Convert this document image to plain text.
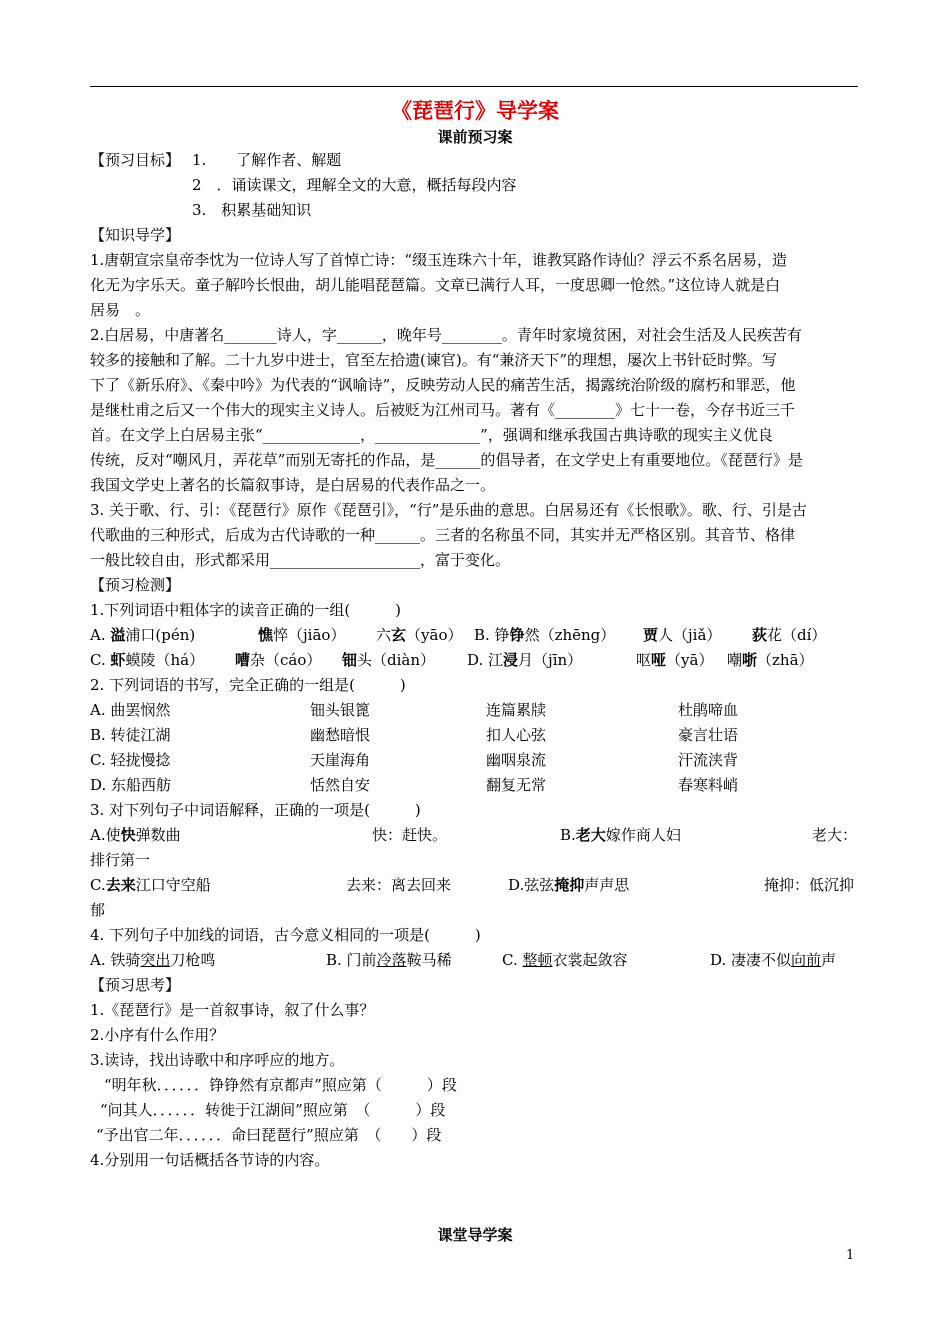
《琵琶行》导学案
课前预习案
【预习目标】 1.　　了解作者、解题
2　．诵读课文，理解全文的大意，概括每段内容
3.　积累基础知识
【知识导学】
1.唐朝宣宗皇帝李忱为一位诗人写了首悼亡诗：“缀玉连珠六十年，谁教冥路作诗仙？浮云不系名居易，造
化无为字乐天。童子解吟长恨曲，胡儿能唱琵琶篇。文章已满行人耳，一度思卿一怆然。”这位诗人就是白
居易　。
2.白居易，中唐著名_______诗人，字______，晚年号________。青年时家境贫困，对社会生活及人民疾苦有
较多的接触和了解。二十九岁中进士，官至左拾遗(谏官)。有“兼济天下”的理想，屡次上书针砭时弊。写
下了《新乐府》、《秦中吟》为代表的“讽喻诗”，反映劳动人民的痛苦生活，揭露统治阶级的腐朽和罪恶，他
是继杜甫之后又一个伟大的现实主义诗人。后被贬为江州司马。著有《________》七十一卷，今存书近三千
首。在文学上白居易主张“_____________，______________”，强调和继承我国古典诗歌的现实主义优良
传统，反对“嘲风月，弄花草”而别无寄托的作品，是______的倡导者，在文学史上有重要地位。《琵琶行》是
我国文学史上著名的长篇叙事诗，是白居易的代表作品之一。
3. 关于歌、行、引：《琵琶行》原作《琵琶引》，“行”是乐曲的意思。白居易还有《长恨歌》。歌、行、引是古
代歌曲的三种形式，后成为古代诗歌的一种______。三者的名称虽不同，其实并无严格区别。其音节、格律
一般比较自由，形式都采用____________________，富于变化。
【预习检测】
1.下列词语中粗体字的读音正确的一组(　　　)
A. 溢浦口(pén)	憔悴（jiāo） 六玄（yāo） B. 铮铮然（zhēng） 贾人（jiǎ） 荻花（dí）
C. 虾蟆陵（há） 嘈杂（cáo） 钿头（diàn） D. 江浸月（jīn）	呕哑（yā） 嘲哳（zhā）
2. 下列词语的书写，完全正确的一组是(　　　)
A. 曲罢悯然	钿头银篦	连篇累牍	杜鹃啼血
B. 转徒江湖	幽愁暗恨	扣人心弦	豪言壮语
C. 轻拢慢捻	天崖海角	幽咽泉流	汗流浃背
D. 东船西舫	恬然自安	翻复无常	春寒料峭
3. 对下列句子中词语解释，正确的一项是(　　　)
A.使快弹数曲	快：赶快。	B.老大嫁作商人妇	老大：
排行第一
C.去来江口守空船	去来：离去回来	D.弦弦掩抑声声思	掩抑：低沉抑
郁
4. 下列句子中加线的词语，古今意义相同的一项是(　　　)
A. 铁骑突出刀枪鸣	B. 门前冷落鞍马稀	C. 整顿衣裳起敛容	D. 凄凄不似向前声
【预习思考】
1.《琵琶行》是一首叙事诗，叙了什么事？
2.小序有什么作用？
3.读诗，找出诗歌中和序呼应的地方。
“明年秋．．．．．．铮铮然有京都声”照应第（　　　）段
“问其人．．．．．．转徙于江湖间”照应第　（　　　）段
“予出官二年．．．．．．命曰琵琶行”照应第　（　　）段
4.分别用一句话概括各节诗的内容。
课堂导学案
1
